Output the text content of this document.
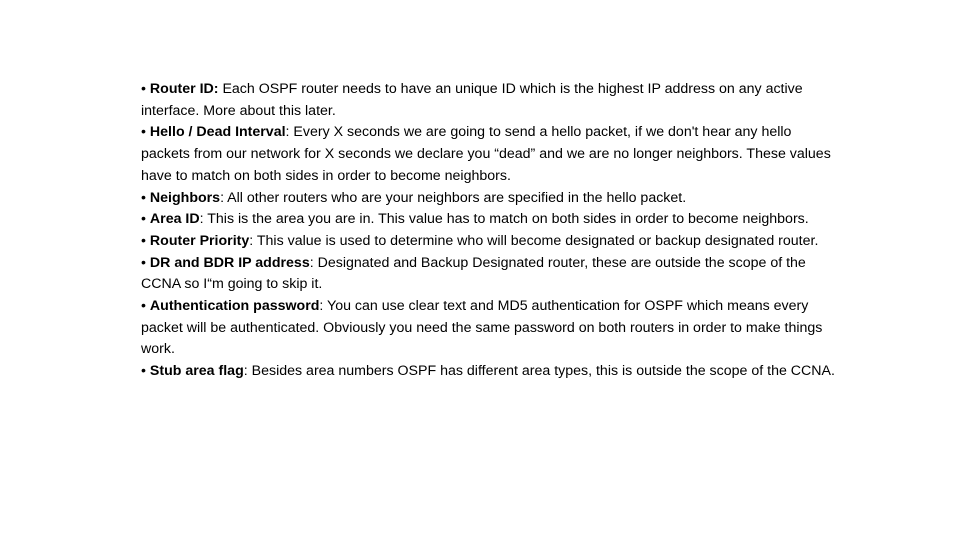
• Router ID: Each OSPF router needs to have an unique ID which is the highest IP address on any active interface. More about this later.

• Hello / Dead Interval: Every X seconds we are going to send a hello packet, if we don't hear any hello packets from our network for X seconds we declare you “dead” and we are no longer neighbors. These values have to match on both sides in order to become neighbors.

• Neighbors: All other routers who are your neighbors are specified in the hello packet.

• Area ID: This is the area you are in. This value has to match on both sides in order to become neighbors.

• Router Priority: This value is used to determine who will become designated or backup designated router.

• DR and BDR IP address: Designated and Backup Designated router, these are outside the scope of the CCNA so I“m going to skip it.

• Authentication password: You can use clear text and MD5 authentication for OSPF which means every packet will be authenticated. Obviously you need the same password on both routers in order to make things work.

• Stub area flag: Besides area numbers OSPF has different area types, this is outside the scope of the CCNA.
